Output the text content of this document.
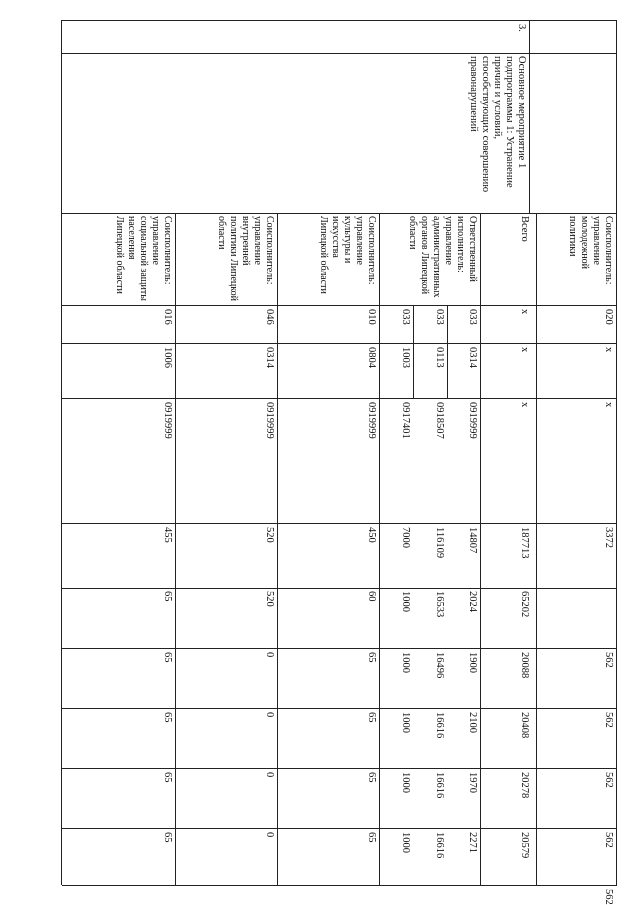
Соисполнитель: управление молодежной политики
020
x
x
3372
562
562
562
562
562
3.
Основное мероприятие 1 подпрограммы 1: Устранение причин и условий, способствующих совершению правонарушений
Всего
x
x
x
187713
65202
20088
20408
20278
20579
Ответственный исполнитель: управление административных органов Липецкой области
033
033
033
0314
0113
1003
0919999
0918507
0917401
14807
116109
7000
2024
16533
1000
1900
2100
1970
2271
16496
16616
16616
16616
1000
1000
1000
1000
Соисполнитель: управление культуры и искусства Липецкой области
010
0804
0919999
450
60
65
65
65
65
Соисполнитель: управление внутренней политики Липецкой области
046
0314
0919999
520
520
0
0
0
0
Соисполнитель: управление социальной защиты населения Липецкой области
016
1006
0919999
455
65
65
65
65
65
